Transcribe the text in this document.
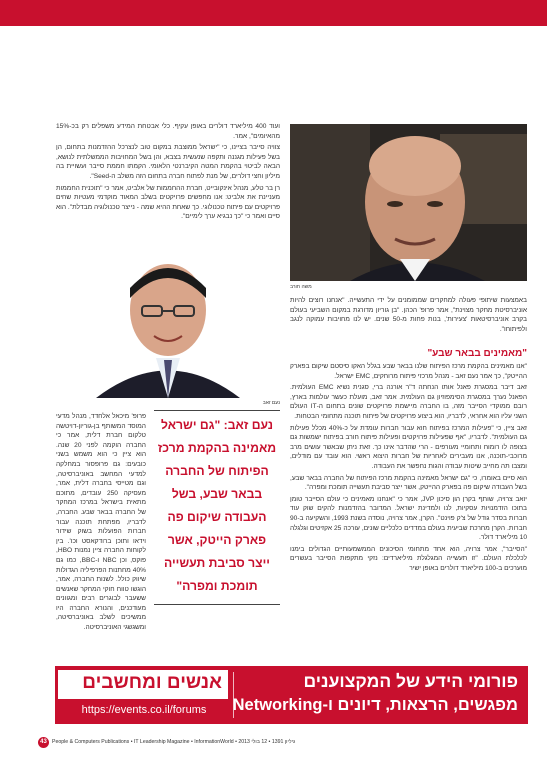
ועוד 400 מיליארד דולרים באופן עקיף. כלי אבטחת המידע משפלים רק בכ-15% מהאיומים", אמר.

צוויה סייבר בציינו, כי "ישראל ממוצבת במקום טוב לנצרכל ההזדמנות בתחום, הן בשל פעילות מגננה ותקפה שנעשית בצבא, והן בשל המחויבות הממשלתית לנושא, הבאה לביטוי בהקמת המטה הקיברנטי הלאומי. הקמתו חממת סייבר ועשויית בה מיליון וחצי דולרים, של מנת לפתוח חברה בתחום הזה משלב ה-Seed".

רן בר טלע, מנהל אינקובייט, חברת ההחממות של אלביט, אמר כי "תוכנית החממות מעניינת את אלביט: אנו מחפשים פרויקטים בשלב המאוד מוקדמי מעטיות שחים פרויקטים עם פיתוח טכנולוגי. כך שאחת ההיא שמה - נייצר טכנולוגיה מבדלת". הוא סיים ואמר כי "כך נבגיא ערך לימיים".

משה חורב
באמצעות שיתופי פעולה למחקרים שממומנים על ידי התעשייה. "אנחנו רוצים להיות אוניברסיטת מחקר מצוינת", אמר פרופ' הכהן. "בן גוריון מדורגת במקום השביעי בעולם בקרב אוניברסיטאות 'צעירות', בנות פחות מ-50 שנים. יש לנו מחויבות עמוקה לנגב ולפיתוחו".
"מאמינים בבאר שבע"

"אנו מאמינים בהקמת מרכז הפיתוח שלנו בבאר שבע בגלל האקו סיסטם שיקום בפארק ההייטק", כך אמר נעם זאב - מנהל מרכזי פיתוח מרוחקים, EMC ישראל.

זאב דיבר במסגרת פאנל אותו הנחתה ד"ר אורנה ברי, סגנית נשיא EMC העולמית. הפאנל נערך במסגרת הסימפוזיון גם העולמית. אמר זאב, מועלת כעשר עולמות בארץ, רובם ממוקדי הסייבר מזה, בו החברה מיישמת פרויקטים שונים בתחום ה-IT העולם השני עליו הוא אחראי, לדבריו, הוא ביצוע פרויקטים של פיתוח תוכנה מתחומי הבטחות.

זאב ציין, כי "פעילות המרכז בפיתוח חוא עבור חברות עומדת על כ-40% מכלל פעילות גם העולמית". לדבריו, "אף שפעילות פרויקטים ופעילות פיתוח חורב בפיתוח ישמשות גם בצופה לו רומוח ותחומיי מעורפים - הרי שהדבר אינו כך. זאת ניתן שבאשר עושים מרב מרוכבי-תוכנה, אנו מעבירים לאחריות של חברות היצוא ראשי. הוא עובד עם מודלים, ומצבו תה מחייב שיטות עבודה והגות נחפשר את העבודה.

הוא סיים באומרו, כי "גם ישראל מאמינה בהקמת מרכז הפיתוח של החברה בבאר שבע, בשל העבודה שיקום פה בפארק ההייטק, אשר ייצר סביבת תעשייה תומכת ומפרה".

יואב צרויה, שותף בקרן הון סיכון JVP, אמר כי "אנחנו מאמינים כי עולם הסייבר טומן בתוכו הזדמנויות עסקיות, לנו ולמדינת ישראל. המדובר בהזדמנות להקים שוק עוד חברות בסדר גודל של צ'ק פוינט". הקרן, אמר צרויה, נוסדה בשנת 1993, והשקיעה ב-90 חברות. הקרן מחרכת שביעית בעולם במדדים כלכליים שונים, עורכה 25 אקזיטים וגלגלה 10 מיליארד דולר.

"הסייבר", אמר צרויה, הוא אחד מתחומי הסיכונים הממשמעותיים הגדולים בימנו לכלכלת העולם. "זו תעשייה המגלגלת מיליארדים: נזקי מתקפות הסייבר בעשרים מוערכים ב-100 מיליארד דולרים באופן ישיר

נעם זאב
נעם זאב: "גם ישראל
מאמינה בהקמת מרכז
הפיתוח של החברה
בבאר שבע, בשל
העבודה שיקום פה
פארק הייטק, אשר
ייצר סביבת תעשייה
תומכת ומפרה"
פרופ' מיכאל אלחדד, מנהל מדעי המוסד המשותף בן-גוריון-דויטשה טלקום חברת דלית, אמר כי החברה הוקמה לפני 20 שנה. הוא ציין כי הוא משמש בשני כובעים: גם פרופסור במחלקה למדעי המחשב באוניברסיטה, וגם מטייסי בחברה דלית, אמר, מעסיקה 250 עובדים, מתוכם מתאית בישראל במרכז המחקר של החברה בבאר שבע. החברה, לדבריו, מפתחת תוכנה עבור חברות הפועלות בשוק שידור וידאו ותוכן ברודקאסט וכו'. בין לקוחות החברה ציין נמנות HBO, פוקס, וכן NBC ו-BBC, כמו גם 40% מחתנות הפרפיליה הגדולות שיווק כולל. לשנות החברה, אמר, הוגשו טווח חוקי המחקר שאנשים ששעבר לבוגרים רבים ומגוונים מעודכנים, והנורא החברה היו ממשיכים לשלב באוניברסיטה, ומשגשגי האוניברסיטה.
אנשים ומחשבים
https://events.co.il/forums
פורומי הידע של המקצוענים
מפגשים, הרצאות, דיונים ו-Networking
43 People & Computers Publications • IT Leadership Magazine • InformationWorld • 2013 גיליון 1391 • 12 בולי
